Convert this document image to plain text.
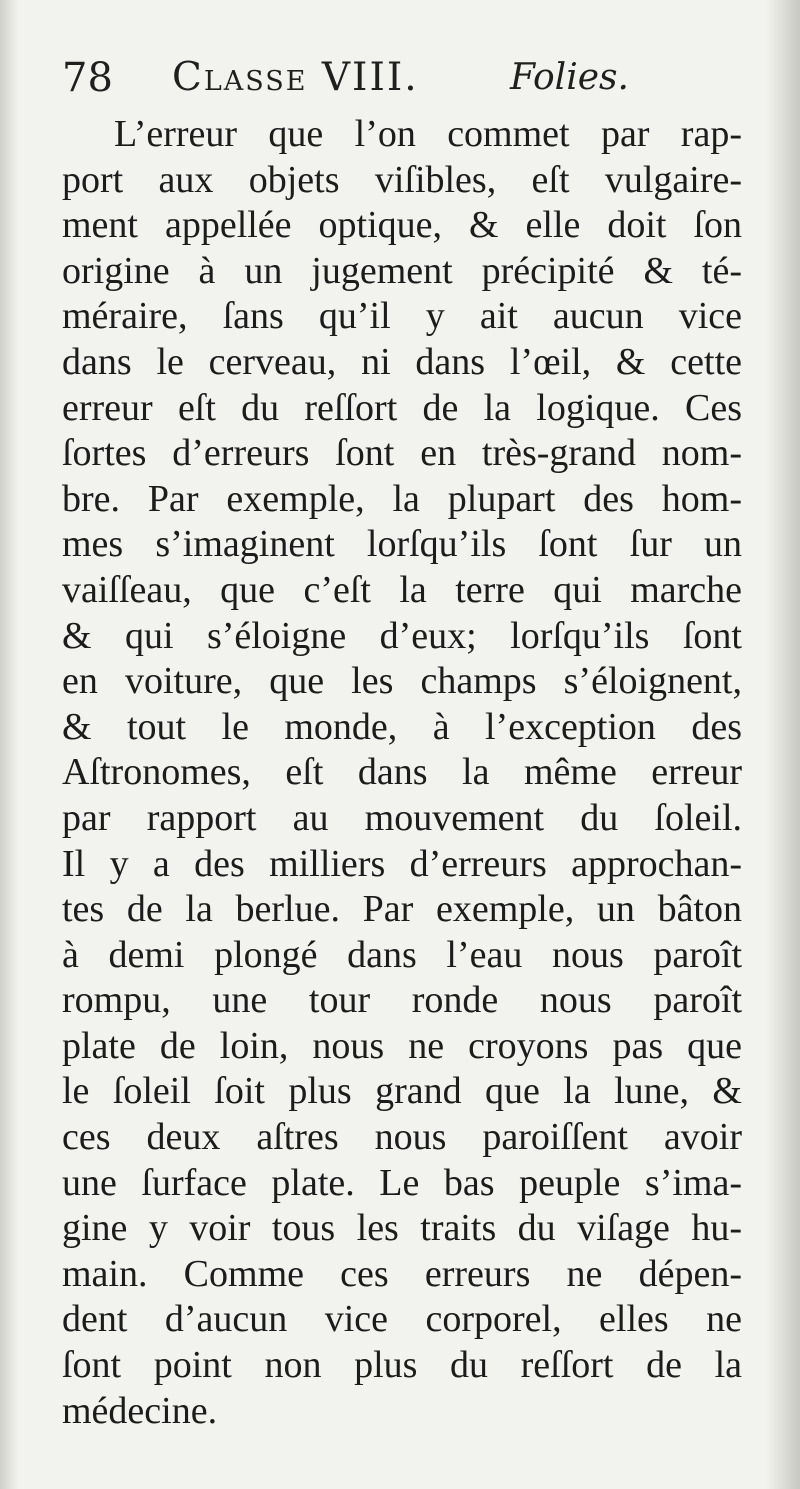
78 Classe VIII.	Folies.
L’erreur que l’on commet par rap-
port aux objets viſibles, eſt vulgaire-
ment appellée optique, & elle doit ſon
origine à un jugement précipité & té-
méraire, ſans qu’il y ait aucun vice
dans le cerveau, ni dans l’œil, & cette
erreur eſt du reſſort de la logique. Ces
ſortes d’erreurs ſont en très-grand nom-
bre. Par exemple, la plupart des hom-
mes s’imaginent lorſqu’ils ſont ſur un
vaiſſeau, que c’eſt la terre qui marche
& qui s’éloigne d’eux; lorſqu’ils ſont
en voiture, que les champs s’éloignent,
& tout le monde, à l’exception des
Aſtronomes, eſt dans la même erreur
par rapport au mouvement du ſoleil.
Il y a des milliers d’erreurs approchan-
tes de la berlue. Par exemple, un bâton
à demi plongé dans l’eau nous paroît
rompu, une tour ronde nous paroît
plate de loin, nous ne croyons pas que
le ſoleil ſoit plus grand que la lune, &
ces deux aſtres nous paroiſſent avoir
une ſurface plate. Le bas peuple s’ima-
gine y voir tous les traits du viſage hu-
main. Comme ces erreurs ne dépen-
dent d’aucun vice corporel, elles ne
ſont point non plus du reſſort de la
médecine.
